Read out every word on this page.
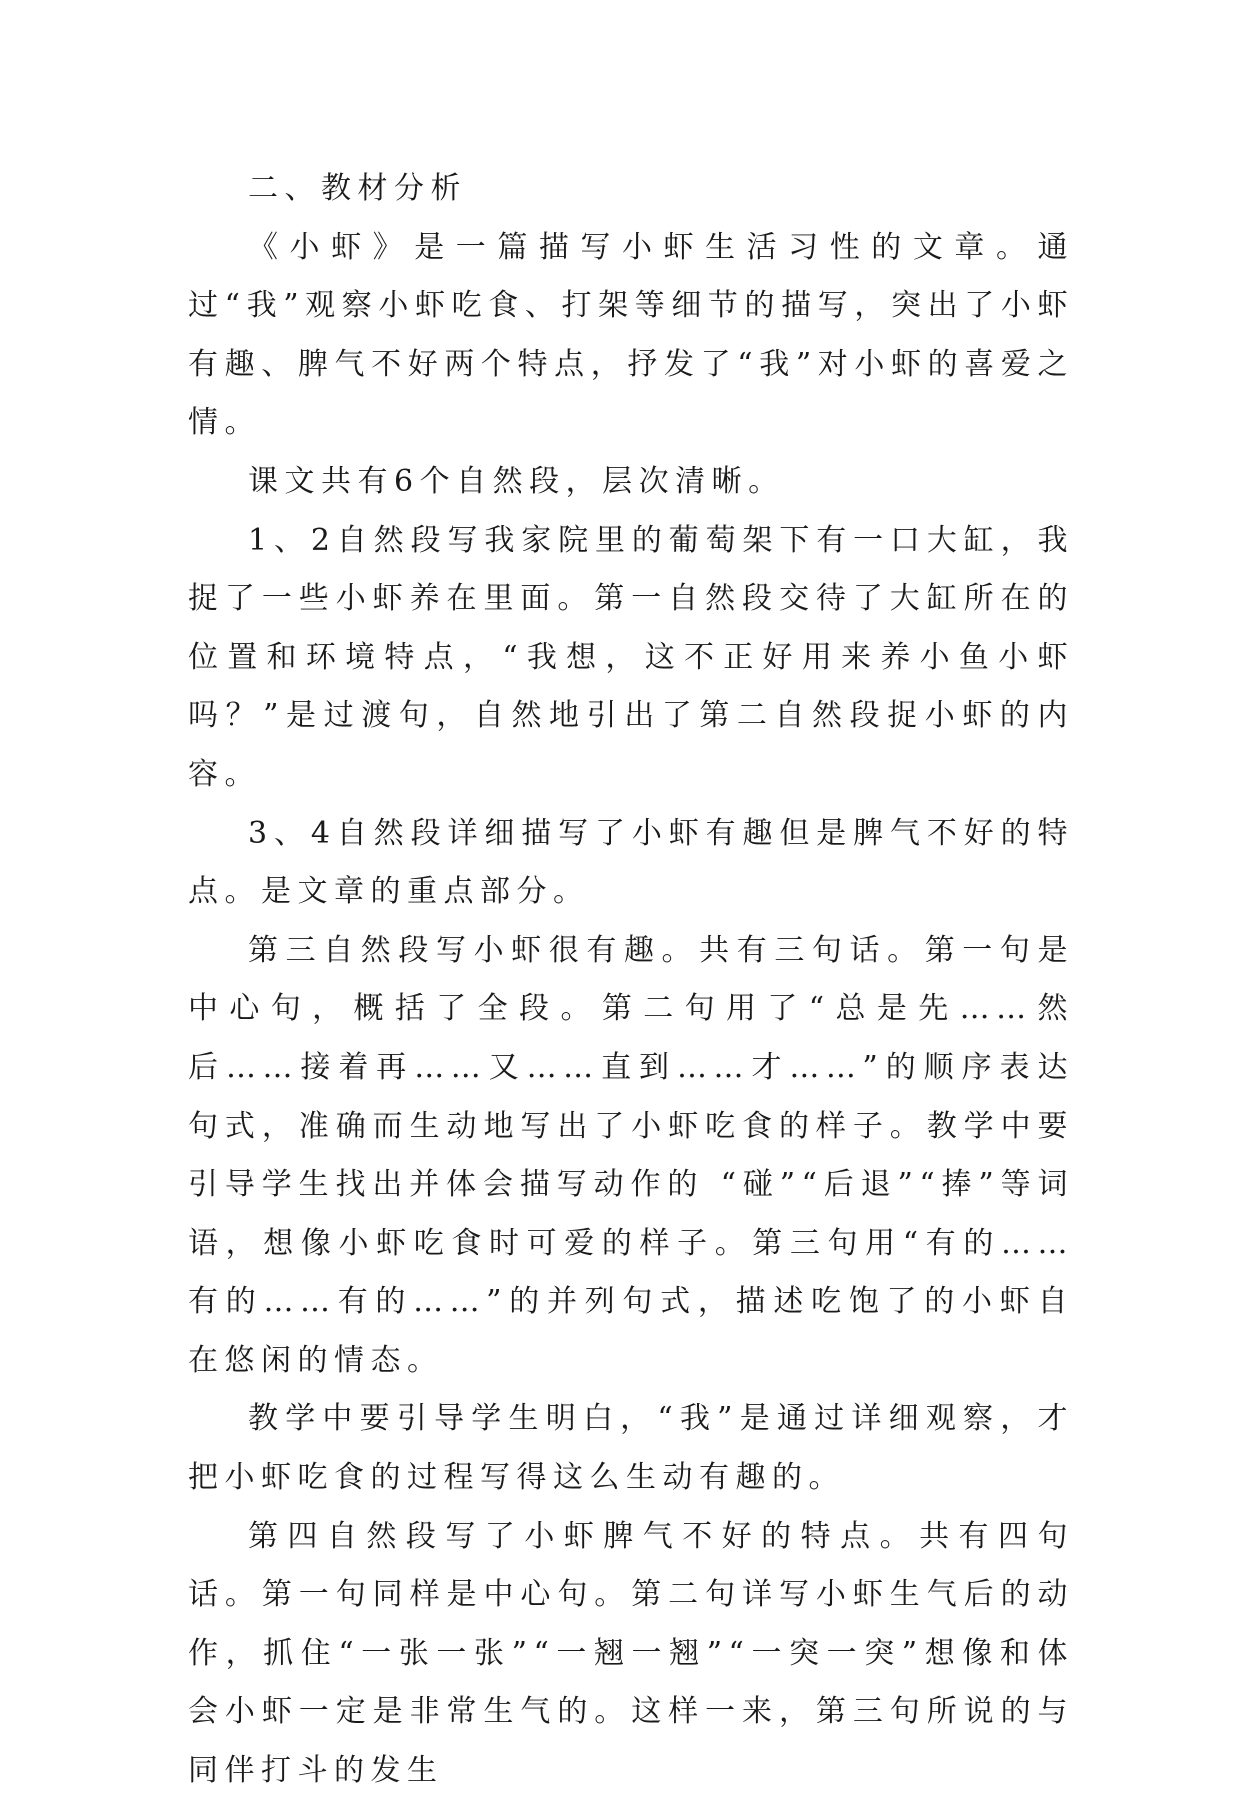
二、教材分析

《小虾》是一篇描写小虾生活习性的文章。通过“我”观察小虾吃食、打架等细节的描写，突出了小虾有趣、脾气不好两个特点，抒发了“我”对小虾的喜爱之情。

课文共有6个自然段，层次清晰。

1、2自然段写我家院里的葡萄架下有一口大缸，我捉了一些小虾养在里面。第一自然段交待了大缸所在的位置和环境特点，“我想，这不正好用来养小鱼小虾吗？”是过渡句，自然地引出了第二自然段捉小虾的内容。

3、4自然段详细描写了小虾有趣但是脾气不好的特点。是文章的重点部分。

第三自然段写小虾很有趣。共有三句话。第一句是中心句，概括了全段。第二句用了“总是先……然后……接着再……又……直到……才……”的顺序表达句式，准确而生动地写出了小虾吃食的样子。教学中要引导学生找出并体会描写动作的 “碰”“后退”“捧”等词语，想像小虾吃食时可爱的样子。第三句用“有的……有的……有的……”的并列句式，描述吃饱了的小虾自在悠闲的情态。

教学中要引导学生明白，“我”是通过详细观察，才把小虾吃食的过程写得这么生动有趣的。

第四自然段写了小虾脾气不好的特点。共有四句话。第一句同样是中心句。第二句详写小虾生气后的动作，抓住“一张一张”“一翘一翘”“一突一突”想像和体会小虾一定是非常生气的。这样一来，第三句所说的与同伴打斗的发生
